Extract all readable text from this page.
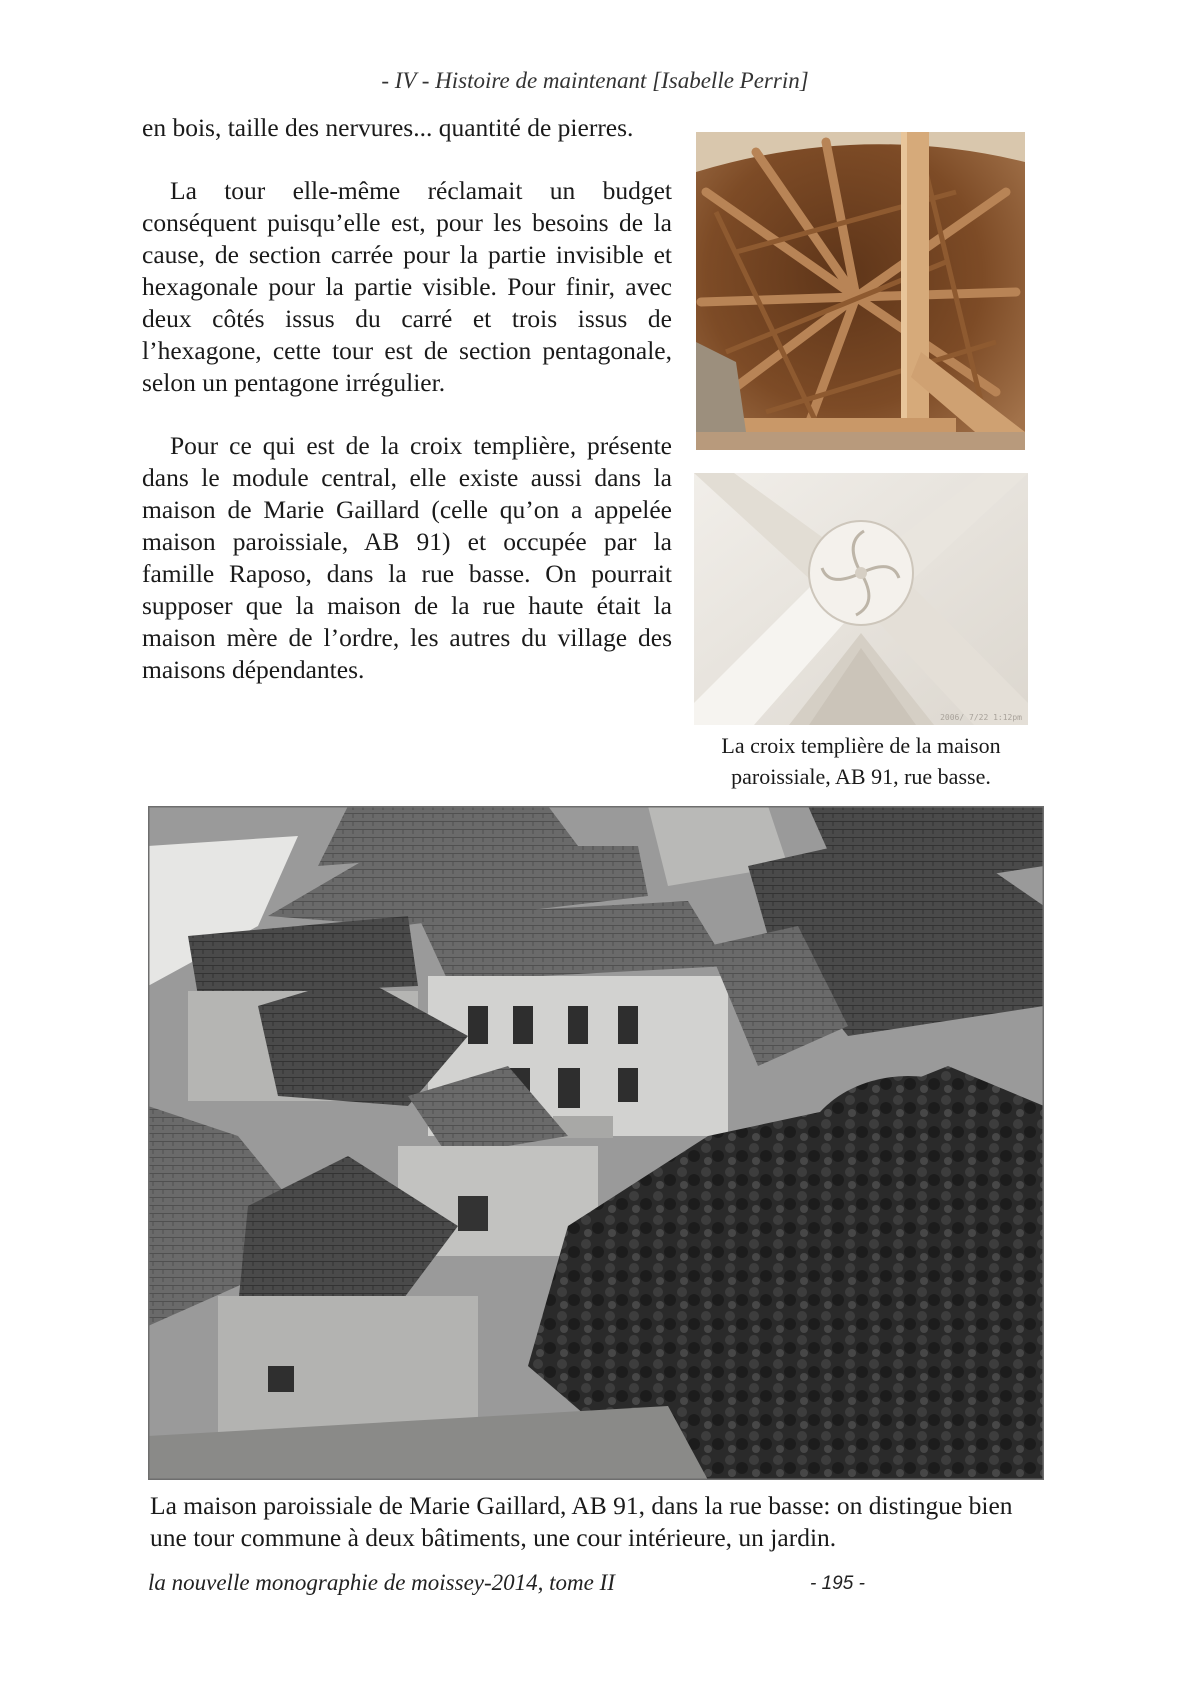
- IV - Histoire de maintenant [Isabelle Perrin]

en bois, taille des nervures... quantité de pierres.

La tour elle-même réclamait un budget conséquent puisqu’elle est, pour les besoins de la cause, de section carrée pour la partie invisible et hexagonale pour la partie visible. Pour finir, avec deux côtés issus du carré et trois issus de l’hexagone, cette tour est de section pentagonale, selon un pentagone irrégulier.

Pour ce qui est de la croix templière, présente dans le module central, elle existe aussi dans la maison de Marie Gaillard (celle qu’on a appelée maison paroissiale, AB 91) et occupée par la famille Raposo, dans la rue basse. On pourrait supposer que la maison de la rue haute était la maison mère de l’ordre, les autres du village des maisons dépendantes.

2006/ 7/22 1:12pm
La croix templière de la maison paroissiale, AB 91, rue basse.
La maison paroissiale de Marie Gaillard, AB 91, dans la rue basse: on distingue bien une tour commune à deux bâtiments, une cour intérieure, un jardin.
la nouvelle monographie de moissey-2014, tome II	- 195 -
